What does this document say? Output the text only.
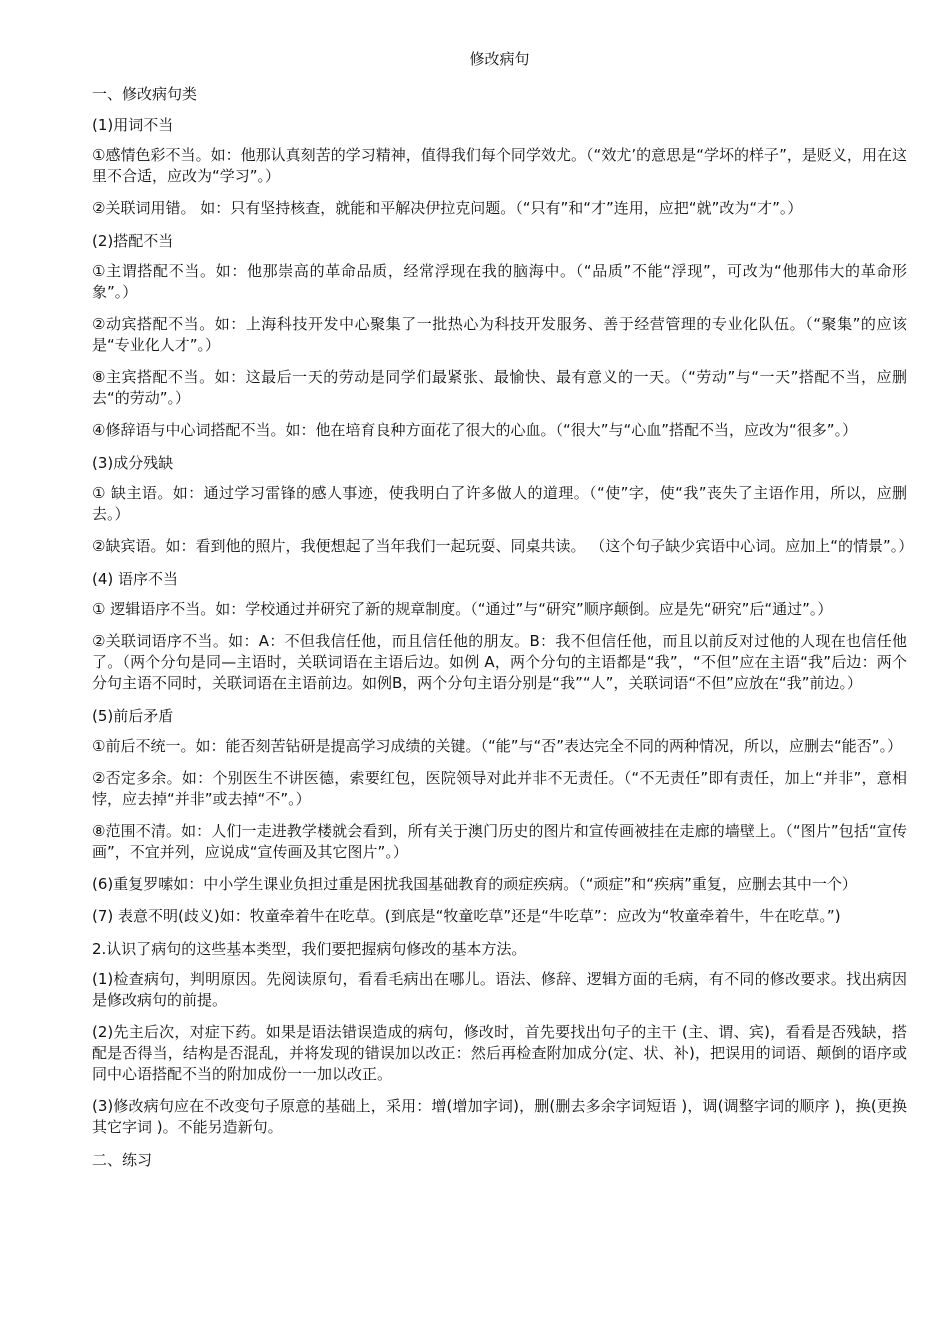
修改病句
一、修改病句类
(1)用词不当
①感情色彩不当。如：他那认真刻苦的学习精神，值得我们每个同学效尤。（“效尤’的意思是“学坏的样子”，是贬义，用在这里不合适，应改为“学习”。）
②关联词用错。 如：只有坚持核查，就能和平解决伊拉克问题。（“只有”和“才”连用，应把“就”改为“才”。）
(2)搭配不当
①主谓搭配不当。如：他那崇高的革命品质，经常浮现在我的脑海中。（“品质”不能“浮现”，可改为“他那伟大的革命形象”。）
②动宾搭配不当。如：上海科技开发中心聚集了一批热心为科技开发服务、善于经营管理的专业化队伍。（“聚集”的应该是“专业化人才”。）
⑧主宾搭配不当。如：这最后一天的劳动是同学们最紧张、最愉快、最有意义的一天。（“劳动”与“一天”搭配不当，应删去“的劳动”。）
④修辞语与中心词搭配不当。如：他在培育良种方面花了很大的心血。（“很大”与“心血”搭配不当，应改为“很多”。）
(3)成分残缺
① 缺主语。如：通过学习雷锋的感人事迹，使我明白了许多做人的道理。（“使”字，使“我”丧失了主语作用，所以，应删去。）
②缺宾语。如：看到他的照片，我便想起了当年我们一起玩耍、同桌共读。 （这个句子缺少宾语中心词。应加上“的情景”。）
(4) 语序不当
① 逻辑语序不当。如：学校通过并研究了新的规章制度。（“通过”与“研究”顺序颠倒。应是先“研究”后“通过”。）
②关联词语序不当。如：A：不但我信任他，而且信任他的朋友。B：我不但信任他，而且以前反对过他的人现在也信任他了。（两个分句是同—主语时，关联词语在主语后边。如例 A，两个分句的主语都是“我”，“不但”应在主语“我”后边：两个分句主语不同时，关联词语在主语前边。如例B，两个分句主语分别是“我”“人”，关联词语“不但”应放在“我”前边。）
(5)前后矛盾
①前后不统一。如：能否刻苦钻研是提高学习成绩的关键。（“能”与“否”表达完全不同的两种情况，所以，应删去“能否”。）
②否定多余。如：个别医生不讲医德，索要红包，医院领导对此并非不无责任。（“不无责任”即有责任，加上“并非”，意相悖，应去掉“并非”或去掉“不”。）
⑧范围不清。如：人们一走进教学楼就会看到，所有关于澳门历史的图片和宣传画被挂在走廊的墙壁上。（“图片”包括“宣传画”，不宜并列，应说成“宣传画及其它图片”。）
(6)重复罗嗦如：中小学生课业负担过重是困扰我国基础教育的顽症疾病。（“顽症”和“疾病”重复，应删去其中一个）
(7) 表意不明(歧义)如：牧童牵着牛在吃草。(到底是“牧童吃草”还是“牛吃草”：应改为“牧童牵着牛，牛在吃草。”)
2.认识了病句的这些基本类型，我们要把握病句修改的基本方法。
(1)检查病句，判明原因。先阅读原句，看看毛病出在哪儿。语法、修辞、逻辑方面的毛病，有不同的修改要求。找出病因是修改病句的前提。
(2)先主后次，对症下药。如果是语法错误造成的病句，修改时，首先要找出句子的主干 (主、谓、宾)，看看是否残缺，搭配是否得当，结构是否混乱，并将发现的错误加以改正：然后再检查附加成分(定、状、补)，把误用的词语、颠倒的语序或同中心语搭配不当的附加成份一一加以改正。
(3)修改病句应在不改变句子原意的基础上，采用：增(增加字词)，删(删去多余字词短语 )，调(调整字词的顺序 )，换(更换其它字词 )。不能另造新句。
二、练习
